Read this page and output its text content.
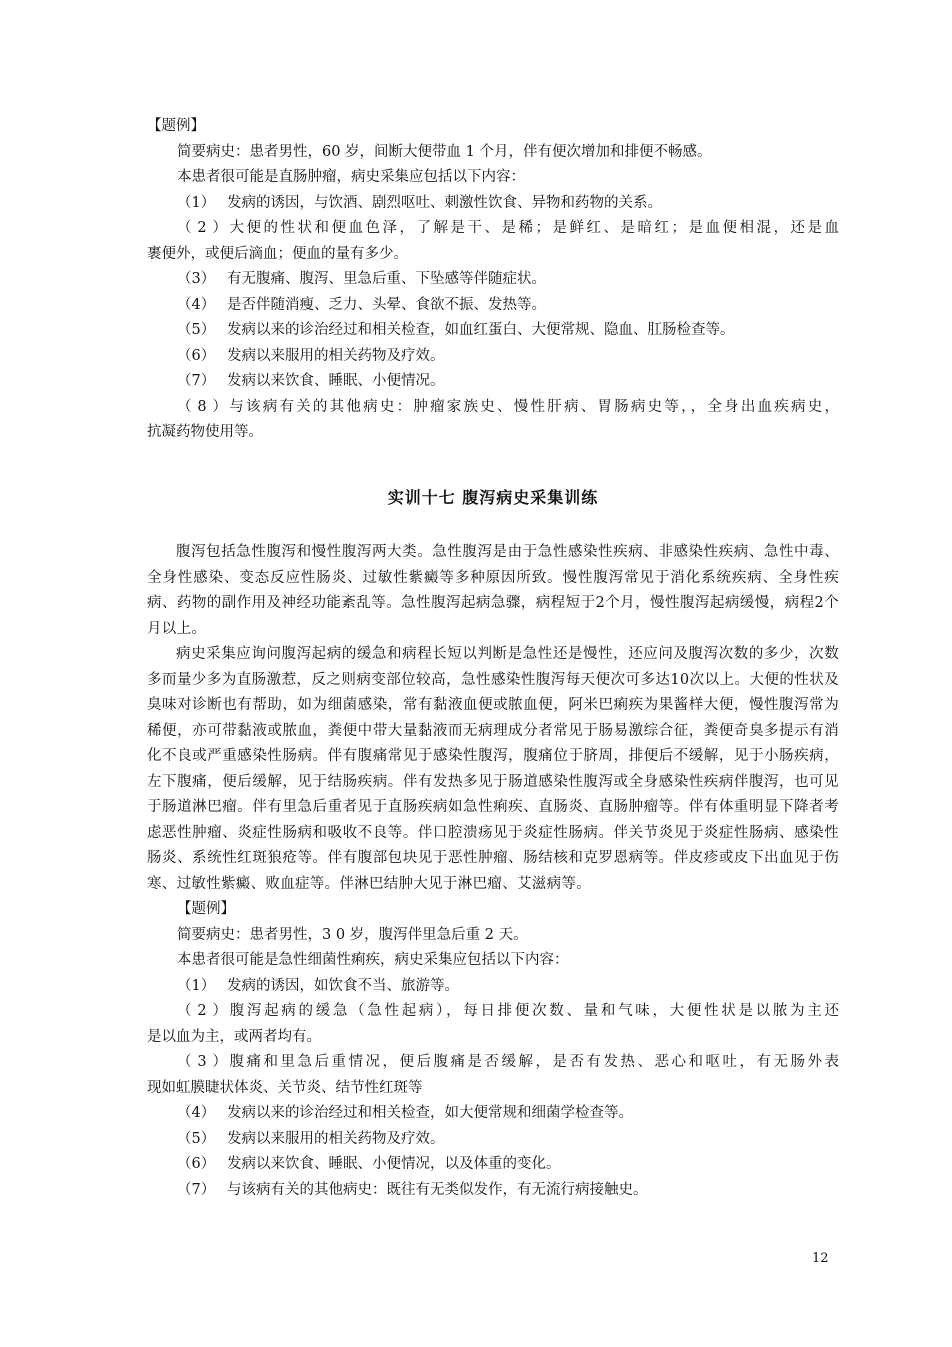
【题例】
简要病史：患者男性，60 岁，间断大便带血 1 个月，伴有便次增加和排便不畅感。
本患者很可能是直肠肿瘤，病史采集应包括以下内容：
（1） 发病的诱因，与饮酒、剧烈呕吐、刺激性饮食、异物和药物的关系。
（2）大便的性状和便血色泽，了解是干、是稀；是鲜红、是暗红；是血便相混，还是血
裹便外，或便后滴血；便血的量有多少。
（3） 有无腹痛、腹泻、里急后重、下坠感等伴随症状。
（4） 是否伴随消瘦、乏力、头晕、食欲不振、发热等。
（5） 发病以来的诊治经过和相关检查，如血红蛋白、大便常规、隐血、肛肠检查等。
（6） 发病以来服用的相关药物及疗效。
（7） 发病以来饮食、睡眠、小便情况。
（8）与该病有关的其他病史：肿瘤家族史、慢性肝病、胃肠病史等，，全身出血疾病史，
抗凝药物使用等。
实训十七 腹泻病史采集训练

腹泻包括急性腹泻和慢性腹泻两大类。急性腹泻是由于急性感染性疾病、非感染性疾病、急性中毒、全身性感染、变态反应性肠炎、过敏性紫癜等多种原因所致。慢性腹泻常见于消化系统疾病、全身性疾病、药物的副作用及神经功能紊乱等。急性腹泻起病急骤，病程短于2个月，慢性腹泻起病缓慢，病程2个月以上。

病史采集应询问腹泻起病的缓急和病程长短以判断是急性还是慢性，还应问及腹泻次数的多少，次数多而量少多为直肠激惹，反之则病变部位较高，急性感染性腹泻每天便次可多达10次以上。大便的性状及臭味对诊断也有帮助，如为细菌感染，常有黏液血便或脓血便，阿米巴痢疾为果酱样大便，慢性腹泻常为稀便，亦可带黏液或脓血，粪便中带大量黏液而无病理成分者常见于肠易激综合征，粪便奇臭多提示有消化不良或严重感染性肠病。伴有腹痛常见于感染性腹泻，腹痛位于脐周，排便后不缓解，见于小肠疾病，左下腹痛，便后缓解，见于结肠疾病。伴有发热多见于肠道感染性腹泻或全身感染性疾病伴腹泻，也可见于肠道淋巴瘤。伴有里急后重者见于直肠疾病如急性痢疾、直肠炎、直肠肿瘤等。伴有体重明显下降者考虑恶性肿瘤、炎症性肠病和吸收不良等。伴口腔溃疡见于炎症性肠病。伴关节炎见于炎症性肠病、感染性肠炎、系统性红斑狼疮等。伴有腹部包块见于恶性肿瘤、肠结核和克罗恩病等。伴皮疹或皮下出血见于伤寒、过敏性紫癜、败血症等。伴淋巴结肿大见于淋巴瘤、艾滋病等。

【题例】
简要病史：患者男性，3 0 岁，腹泻伴里急后重 2 天。
本患者很可能是急性细菌性痢疾，病史采集应包括以下内容：
（1） 发病的诱因，如饮食不当、旅游等。
（2）腹泻起病的缓急（急性起病），每日排便次数、量和气味，大便性状是以脓为主还
是以血为主，或两者均有。
（3）腹痛和里急后重情况，便后腹痛是否缓解，是否有发热、恶心和呕吐，有无肠外表
现如虹膜睫状体炎、关节炎、结节性红斑等
（4） 发病以来的诊治经过和相关检查，如大便常规和细菌学检查等。
（5） 发病以来服用的相关药物及疗效。
（6） 发病以来饮食、睡眠、小便情况，以及体重的变化。
（7） 与该病有关的其他病史：既往有无类似发作，有无流行病接触史。
12
